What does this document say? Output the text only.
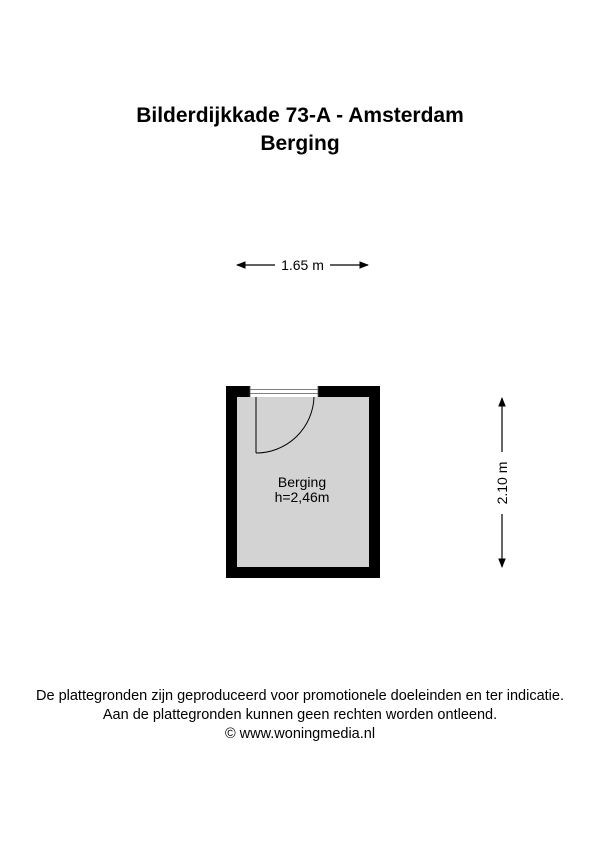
Bilderdijkkade 73-A - Amsterdam
Berging
1.65 m
2.10 m
Berging
h=2,46m
De plattegronden zijn geproduceerd voor promotionele doeleinden en ter indicatie.
Aan de plattegronden kunnen geen rechten worden ontleend.
© www.woningmedia.nl
